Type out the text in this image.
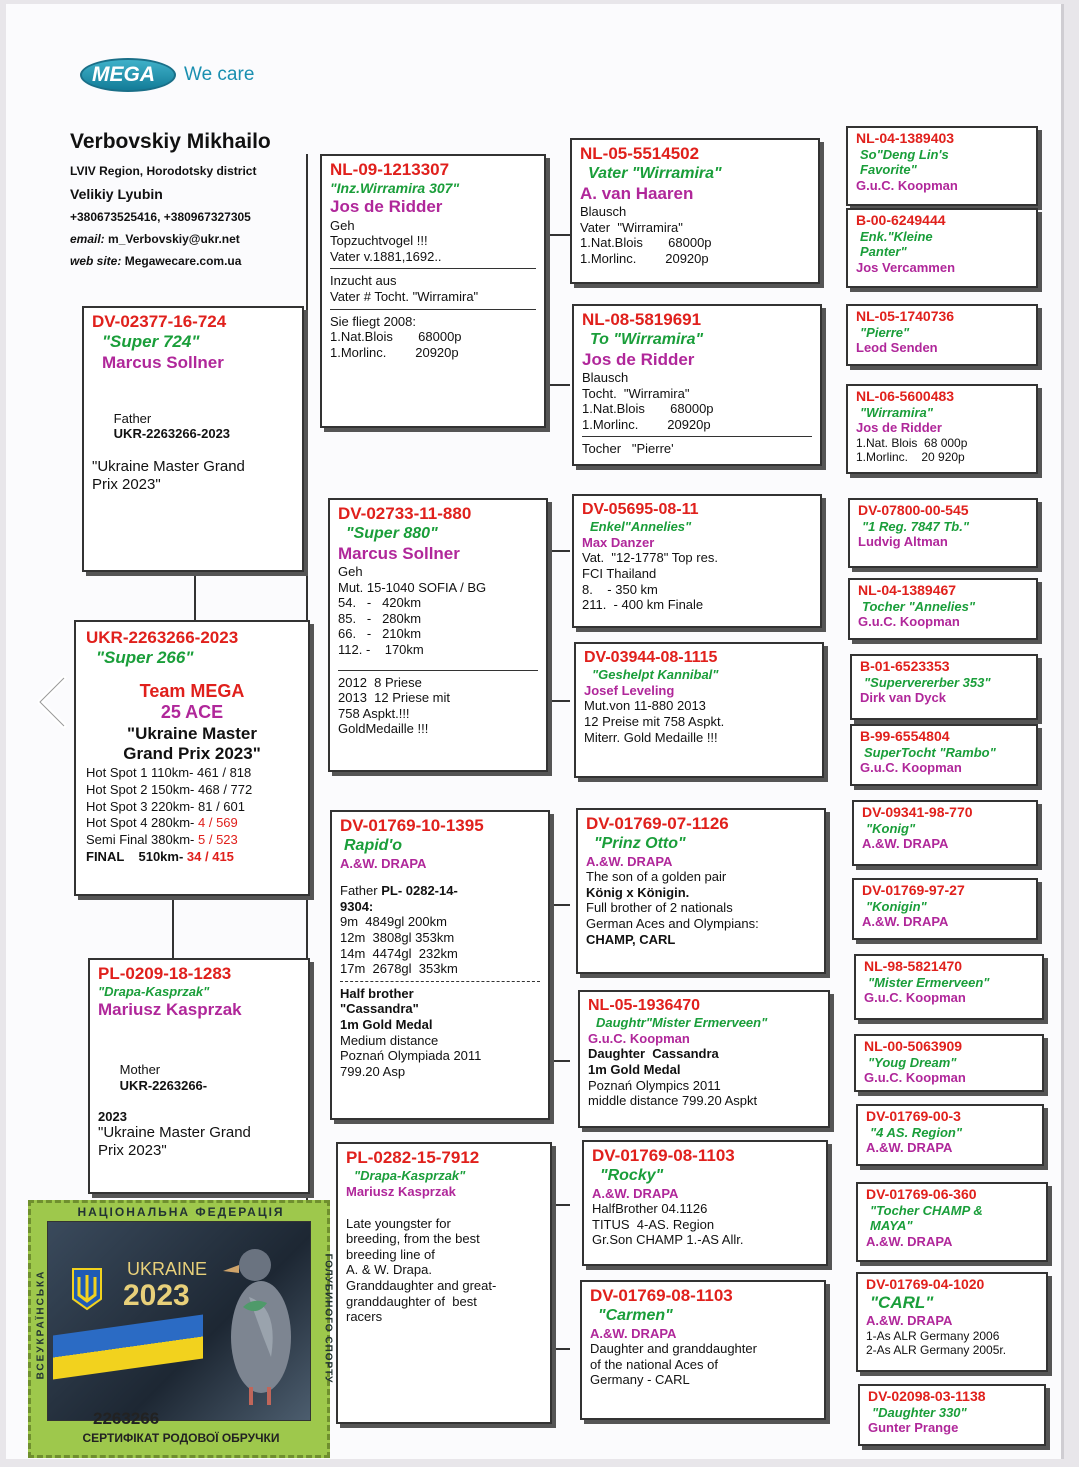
MEGA We care
Verbovskiy Mikhailo
LVIV Region, Horodotsky district
Velikiy Lyubin
+380673525416, +380967327305
email: m_Verbovskiy@ukr.net
web site: Megawecare.com.ua
DV-02377-16-724
"Super 724"
Marcus Sollner

Father
UKR-2263266-2023

"Ukraine Master Grand
Prix 2023"
UKR-2263266-2023
"Super 266"
Team MEGA
25 ACE
"Ukraine Master
Grand Prix 2023"
Hot Spot 1 110km- 461 / 818
Hot Spot 2 150km- 468 / 772
Hot Spot 3 220km- 81 / 601
Hot Spot 4 280km- 4 / 569
Semi Final 380km- 5 / 523
FINAL    510km- 34 / 415
PL-0209-18-1283
"Drapa-Kasprzak"
Mariusz Kasprzak

Mother
UKR-2263266-

2023
"Ukraine Master Grand
Prix 2023"
NL-09-1213307
"Inz.Wirramira 307"
Jos de Ridder
Geh
Topzuchtvogel !!!
Vater v.1881,1692..
Inzucht aus
Vater # Tocht. "Wirramira"
Sie fliegt 2008:
1.Nat.Blois       68000p
1.Morlinc.        20920p
DV-02733-11-880
"Super 880"
Marcus Sollner
Geh
Mut. 15-1040 SOFIA / BG
54.   -   420km
85.   -   280km
66.   -   210km
112. -    170km
2012  8 Priese
2013  12 Priese mit
758 Aspkt.!!!
GoldMedaille !!!
DV-01769-10-1395
Rapid'o
A.&W. DRAPA
Father PL- 0282-14-
9304:
9m  4849gl 200km
12m  3808gl 353km
14m  4474gl  232km
17m  2678gl  353km
Half brother
"Cassandra"
1m Gold Medal
Medium distance
Poznań Olympiada 2011
799.20 Asp
PL-0282-15-7912
"Drapa-Kasprzak"
Mariusz Kasprzak
Late youngster for
breeding, from the best
breeding line of
A. & W. Drapa.
Granddaughter and great-
granddaughter of  best
racers
NL-05-5514502
Vater "Wirramira"
A. van Haaren
Blausch
Vater  "Wirramira"
1.Nat.Blois       68000p
1.Morlinc.        20920p
NL-08-5819691
To "Wirramira"
Jos de Ridder
Blausch
Tocht.  "Wirramira"
1.Nat.Blois       68000p
1.Morlinc.        20920p
Tocher   "Pierre'
DV-05695-08-11
Enkel"Annelies"
Max Danzer
Vat.  "12-1778" Top res.
FCI Thailand
8.    - 350 km
211.  - 400 km Finale
DV-03944-08-1115
"Geshelpt Kannibal"
Josef Leveling
Mut.von 11-880 2013
12 Preise mit 758 Aspkt.
Miterr. Gold Medaille !!!
DV-01769-07-1126
"Prinz Otto"
A.&W. DRAPA
The son of a golden pair
König x Königin.
Full brother of 2 nationals
German Aces and Olympians:
CHAMP, CARL
NL-05-1936470
Daughtr"Mister Ermerveen"
G.u.C. Koopman
Daughter  Cassandra
1m Gold Medal
Poznań Olympics 2011
middle distance 799.20 Aspkt
DV-01769-08-1103
"Rocky"
A.&W. DRAPA
HalfBrother 04.1126
TITUS  4-AS. Region
Gr.Son CHAMP 1.-AS Allr.
DV-01769-08-1103
"Carmen"
A.&W. DRAPA
Daughter and granddaughter
of the national Aces of
Germany - CARL
NL-04-1389403
So"Deng Lin's
Favorite"
G.u.C. Koopman
B-00-6249444
Enk."Kleine
Panter"
Jos Vercammen
NL-05-1740736
"Pierre"
Leod Senden
NL-06-5600483
"Wirramira"
Jos de Ridder
1.Nat. Blois  68 000p
1.Morlinc.    20 920p
DV-07800-00-545
"1 Reg. 7847 Tb."
Ludvig Altman
NL-04-1389467
Tocher "Annelies"
G.u.C. Koopman
B-01-6523353
"Supervererber 353"
Dirk van Dyck
B-99-6554804
SuperTocht "Rambo"
G.u.C. Koopman
DV-09341-98-770
"Konig"
A.&W. DRAPA
DV-01769-97-27
"Konigin"
A.&W. DRAPA
NL-98-5821470
"Mister Ermerveen"
G.u.C. Koopman
NL-00-5063909
"Youg Dream"
G.u.C. Koopman
DV-01769-00-3
"4 AS. Region"
A.&W. DRAPA
DV-01769-06-360
"Tocher CHAMP &
MAYA"
A.&W. DRAPA
DV-01769-04-1020
"CARL"
A.&W. DRAPA
1-As ALR Germany 2006
2-As ALR Germany 2005r.
DV-02098-03-1138
"Daughter 330"
Gunter Prange
НАЦІОНАЛЬНА ФЕДЕРАЦІЯ
ВСЕУКРАЇНСЬКА	ГОЛУБИНОГО СПОРТУ
UKRAINE
2023
2263266
СЕРТИФІКАТ РОДОВОЇ ОБРУЧКИ
